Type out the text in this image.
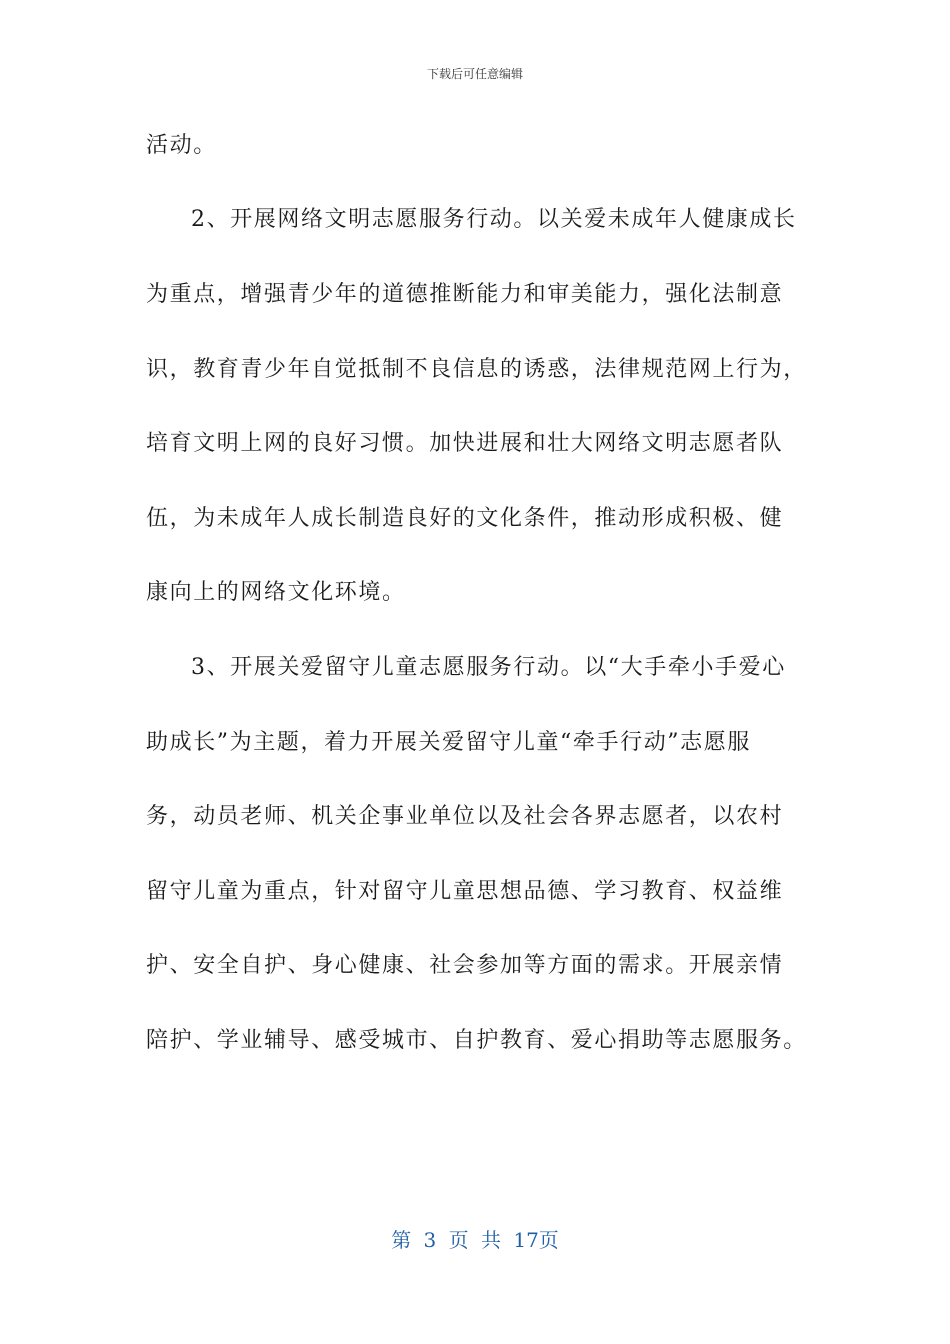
下载后可任意编辑
活动。
2、开展网络文明志愿服务行动。以关爱未成年人健康成长
为重点，增强青少年的道德推断能力和审美能力，强化法制意
识，教育青少年自觉抵制不良信息的诱惑，法律规范网上行为，
培育文明上网的良好习惯。加快进展和壮大网络文明志愿者队
伍，为未成年人成长制造良好的文化条件，推动形成积极、健
康向上的网络文化环境。
3、开展关爱留守儿童志愿服务行动。以“大手牵小手爱心
助成长”为主题，着力开展关爱留守儿童“牵手行动”志愿服
务，动员老师、机关企事业单位以及社会各界志愿者，以农村
留守儿童为重点，针对留守儿童思想品德、学习教育、权益维
护、安全自护、身心健康、社会参加等方面的需求。开展亲情
陪护、学业辅导、感受城市、自护教育、爱心捐助等志愿服务。
第 3 页 共 17页
